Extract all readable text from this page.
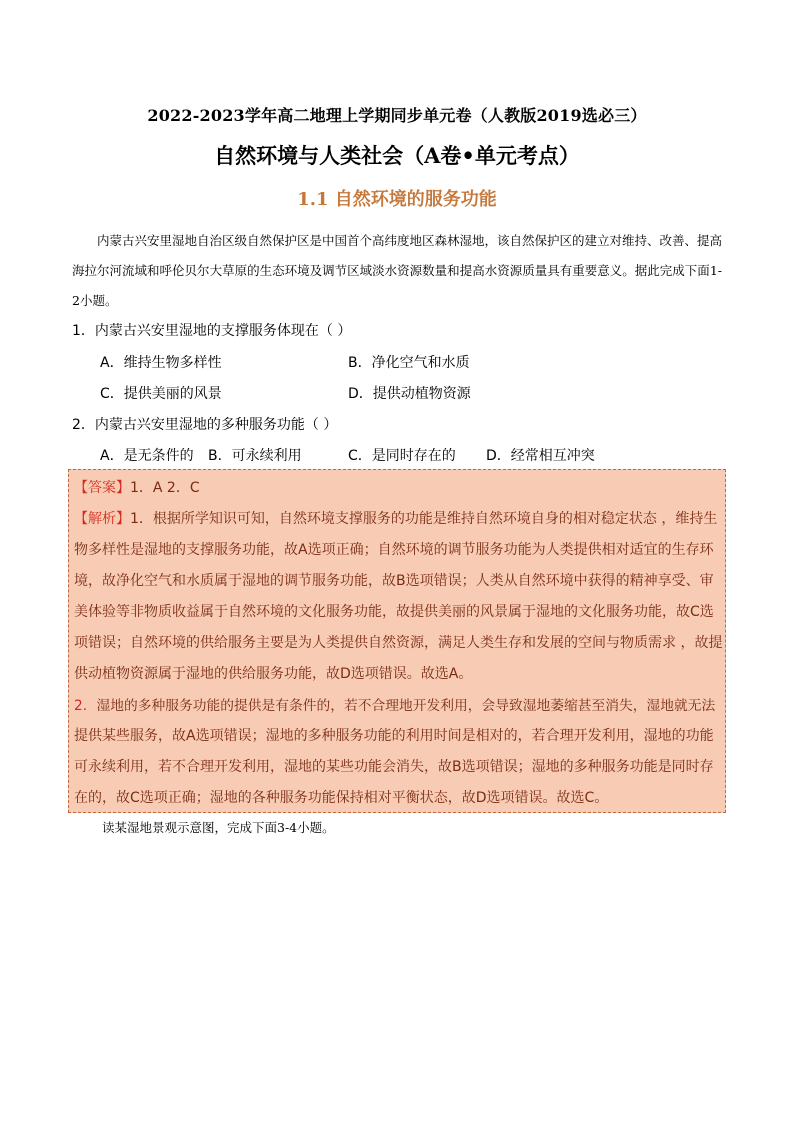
2022-2023学年高二地理上学期同步单元卷（人教版2019选必三）
自然环境与人类社会（A卷•单元考点）
1.1 自然环境的服务功能
内蒙古兴安里湿地自治区级自然保护区是中国首个高纬度地区森林湿地，该自然保护区的建立对维持、改善、提高海拉尔河流域和呼伦贝尔大草原的生态环境及调节区域淡水资源数量和提高水资源质量具有重要意义。据此完成下面1-2小题。
1．内蒙古兴安里湿地的支撑服务体现在（ ）
A．维持生物多样性	B．净化空气和水质
C．提供美丽的风景	D．提供动植物资源
2．内蒙古兴安里湿地的多种服务功能（ ）
A．是无条件的 B．可永续利用	C．是同时存在的 D．经常相互冲突
【答案】1．A 2．C
【解析】1．根据所学知识可知，自然环境支撑服务的功能是维持自然环境自身的相对稳定状态 ，维持生
物多样性是湿地的支撑服务功能，故A选项正确；自然环境的调节服务功能为人类提供相对适宜的生存环
境，故净化空气和水质属于湿地的调节服务功能，故B选项错误；人类从自然环境中获得的精神享受、审
美体验等非物质收益属于自然环境的文化服务功能，故提供美丽的风景属于湿地的文化服务功能，故C选
项错误；自然环境的供给服务主要是为人类提供自然资源，满足人类生存和发展的空间与物质需求 ，故提
供动植物资源属于湿地的供给服务功能，故D选项错误。故选A。
2．湿地的多种服务功能的提供是有条件的，若不合理地开发利用，会导致湿地萎缩甚至消失，湿地就无法
提供某些服务，故A选项错误；湿地的多种服务功能的利用时间是相对的，若合理开发利用，湿地的功能
可永续利用，若不合理开发利用，湿地的某些功能会消失，故B选项错误；湿地的多种服务功能是同时存
在的，故C选项正确；湿地的各种服务功能保持相对平衡状态，故D选项错误。故选C。
读某湿地景观示意图，完成下面3-4小题。
